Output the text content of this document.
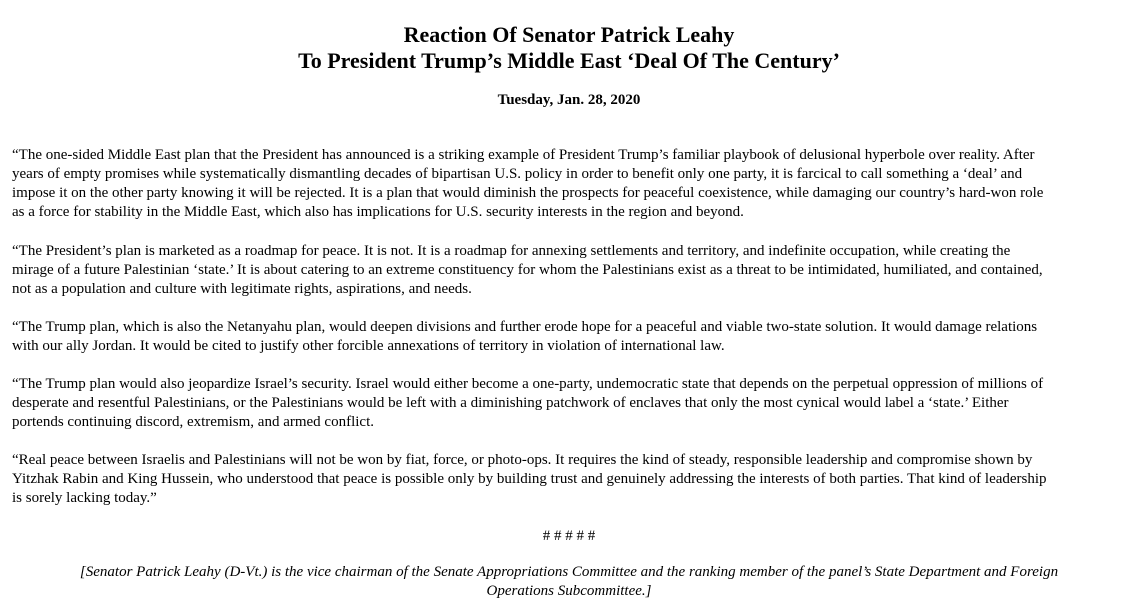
Reaction Of Senator Patrick Leahy
To President Trump’s Middle East ‘Deal Of The Century’
Tuesday, Jan. 28, 2020

“The one-sided Middle East plan that the President has announced is a striking example of President Trump’s familiar playbook of delusional hyperbole over reality. After
years of empty promises while systematically dismantling decades of bipartisan U.S. policy in order to benefit only one party, it is farcical to call something a ‘deal’ and
impose it on the other party knowing it will be rejected. It is a plan that would diminish the prospects for peaceful coexistence, while damaging our country’s hard-won role
as a force for stability in the Middle East, which also has implications for U.S. security interests in the region and beyond.

“The President’s plan is marketed as a roadmap for peace. It is not. It is a roadmap for annexing settlements and territory, and indefinite occupation, while creating the
mirage of a future Palestinian ‘state.’ It is about catering to an extreme constituency for whom the Palestinians exist as a threat to be intimidated, humiliated, and contained,
not as a population and culture with legitimate rights, aspirations, and needs.

“The Trump plan, which is also the Netanyahu plan, would deepen divisions and further erode hope for a peaceful and viable two-state solution. It would damage relations
with our ally Jordan. It would be cited to justify other forcible annexations of territory in violation of international law.

“The Trump plan would also jeopardize Israel’s security. Israel would either become a one-party, undemocratic state that depends on the perpetual oppression of millions of
desperate and resentful Palestinians, or the Palestinians would be left with a diminishing patchwork of enclaves that only the most cynical would label a ‘state.’ Either
portends continuing discord, extremism, and armed conflict.

“Real peace between Israelis and Palestinians will not be won by fiat, force, or photo-ops. It requires the kind of steady, responsible leadership and compromise shown by
Yitzhak Rabin and King Hussein, who understood that peace is possible only by building trust and genuinely addressing the interests of both parties. That kind of leadership
is sorely lacking today.”

# # # # #
[Senator Patrick Leahy (D-Vt.) is the vice chairman of the Senate Appropriations Committee and the ranking member of the panel’s State Department and Foreign
Operations Subcommittee.]
